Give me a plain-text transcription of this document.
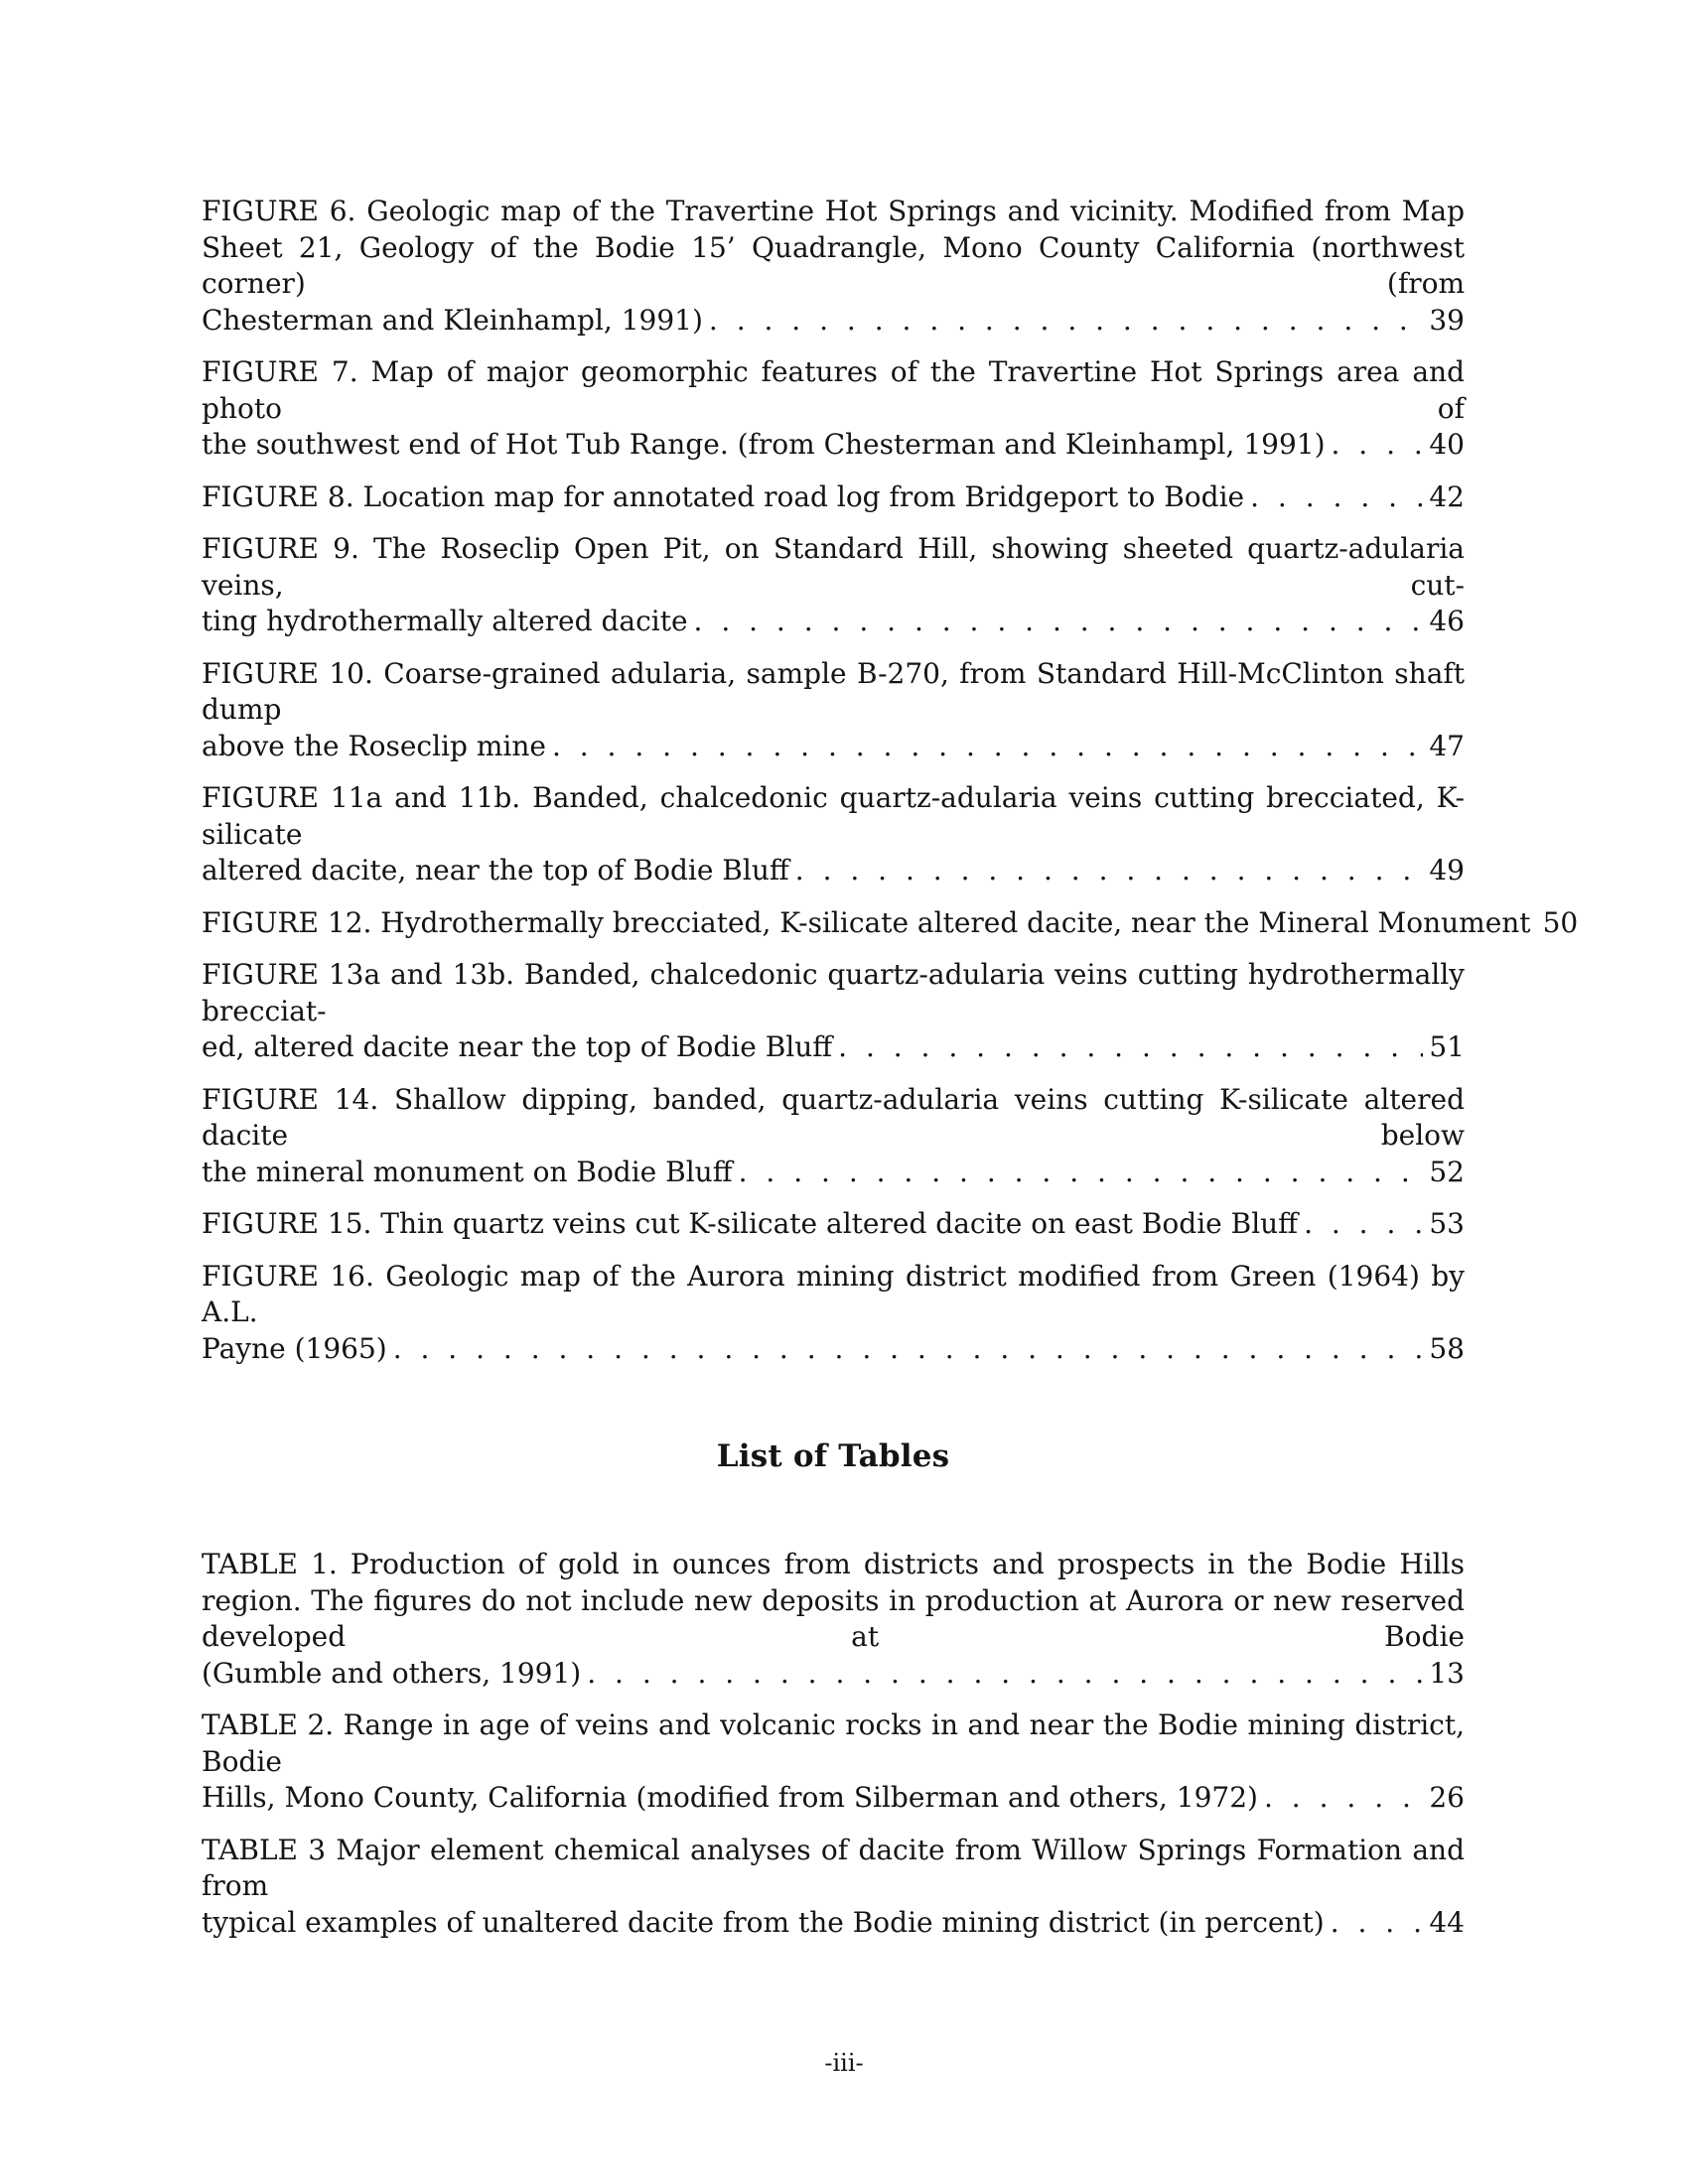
FIGURE 6. Geologic map of the Travertine Hot Springs and vicinity. Modified from Map Sheet 21, Geology of the Bodie 15’ Quadrangle, Mono County California (northwest corner) (from
Chesterman and Kleinhampl, 1991) . . .	39
FIGURE 7. Map of major geomorphic features of the Travertine Hot Springs area and photo of
the southwest end of Hot Tub Range. (from Chesterman and Kleinhampl, 1991) . . .	40
FIGURE 8. Location map for annotated road log from Bridgeport to Bodie . . .	42
FIGURE 9. The Roseclip Open Pit, on Standard Hill, showing sheeted quartz-adularia veins, cut-
ting hydrothermally altered dacite . . .	46
FIGURE 10. Coarse-grained adularia, sample B-270, from Standard Hill-McClinton shaft dump
above the Roseclip mine . . .	47
FIGURE 11a and 11b. Banded, chalcedonic quartz-adularia veins cutting brecciated, K-silicate
altered dacite, near the top of Bodie Bluff . . .	49
FIGURE 12. Hydrothermally brecciated, K-silicate altered dacite, near the Mineral Monument 50
FIGURE 13a and 13b. Banded, chalcedonic quartz-adularia veins cutting hydrothermally brecciat-
ed, altered dacite near the top of Bodie Bluff . . .	51
FIGURE 14. Shallow dipping, banded, quartz-adularia veins cutting K-silicate altered dacite below
the mineral monument on Bodie Bluff . . .	52
FIGURE 15. Thin quartz veins cut K-silicate altered dacite on east Bodie Bluff . . .	53
FIGURE 16. Geologic map of the Aurora mining district modified from Green (1964) by A.L.
Payne (1965) . . .	58
List of Tables
TABLE 1. Production of gold in ounces from districts and prospects in the Bodie Hills region. The figures do not include new deposits in production at Aurora or new reserved developed at Bodie
(Gumble and others, 1991) . . .	13
TABLE 2. Range in age of veins and volcanic rocks in and near the Bodie mining district, Bodie
Hills, Mono County, California (modified from Silberman and others, 1972) . . .	26
TABLE 3 Major element chemical analyses of dacite from Willow Springs Formation and from
typical examples of unaltered dacite from the Bodie mining district (in percent) . . .	44
-iii-
